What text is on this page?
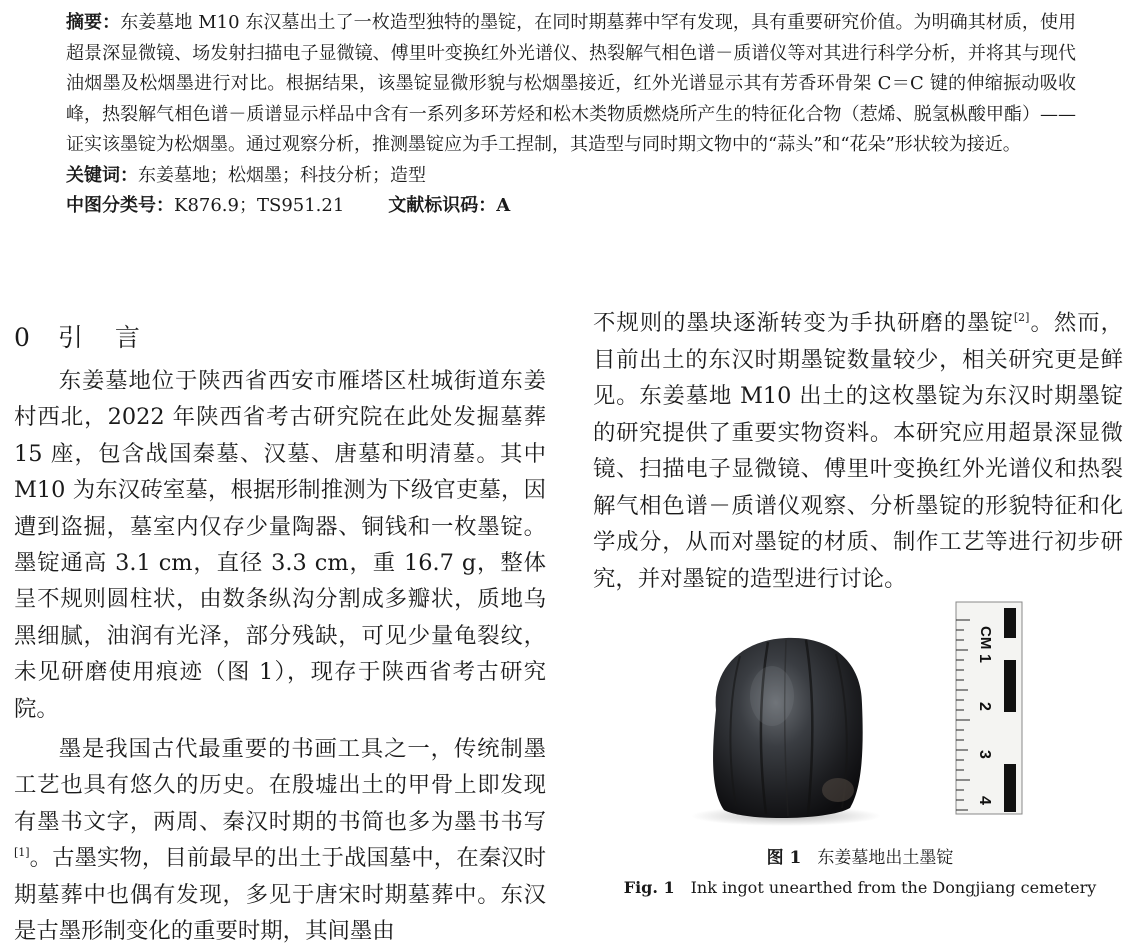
摘要：东姜墓地 M10 东汉墓出土了一枚造型独特的墨锭，在同时期墓葬中罕有发现，具有重要研究价值。为明确其材质，使用超景深显微镜、场发射扫描电子显微镜、傅里叶变换红外光谱仪、热裂解气相色谱－质谱仪等对其进行科学分析，并将其与现代油烟墨及松烟墨进行对比。根据结果，该墨锭显微形貌与松烟墨接近，红外光谱显示其有芳香环骨架 C＝C 键的伸缩振动吸收峰，热裂解气相色谱－质谱显示样品中含有一系列多环芳烃和松木类物质燃烧所产生的特征化合物（惹烯、脱氢枞酸甲酯）——证实该墨锭为松烟墨。通过观察分析，推测墨锭应为手工捏制，其造型与同时期文物中的“蒜头”和“花朵”形状较为接近。

关键词：东姜墓地；松烟墨；科技分析；造型

中图分类号：K876.9；TS951.21 文献标识码：A

0 引言

东姜墓地位于陕西省西安市雁塔区杜城街道东姜村西北，2022 年陕西省考古研究院在此处发掘墓葬 15 座，包含战国秦墓、汉墓、唐墓和明清墓。其中 M10 为东汉砖室墓，根据形制推测为下级官吏墓，因遭到盗掘，墓室内仅存少量陶器、铜钱和一枚墨锭。墨锭通高 3.1 cm，直径 3.3 cm，重 16.7 g，整体呈不规则圆柱状，由数条纵沟分割成多瓣状，质地乌黑细腻，油润有光泽，部分残缺，可见少量龟裂纹，未见研磨使用痕迹（图 1），现存于陕西省考古研究院。

墨是我国古代最重要的书画工具之一，传统制墨工艺也具有悠久的历史。在殷墟出土的甲骨上即发现有墨书文字，两周、秦汉时期的书简也多为墨书书写[1]。古墨实物，目前最早的出土于战国墓中，在秦汉时期墓葬中也偶有发现，多见于唐宋时期墓葬中。东汉是古墨形制变化的重要时期，其间墨由

不规则的墨块逐渐转变为手执研磨的墨锭[2]。然而，目前出土的东汉时期墨锭数量较少，相关研究更是鲜见。东姜墓地 M10 出土的这枚墨锭为东汉时期墨锭的研究提供了重要实物资料。本研究应用超景深显微镜、扫描电子显微镜、傅里叶变换红外光谱仪和热裂解气相色谱－质谱仪观察、分析墨锭的形貌特征和化学成分，从而对墨锭的材质、制作工艺等进行初步研究，并对墨锭的造型进行讨论。

CM
1
2
3
4
图 1 东姜墓地出土墨锭
Fig. 1 Ink ingot unearthed from the Dongjiang cemetery
